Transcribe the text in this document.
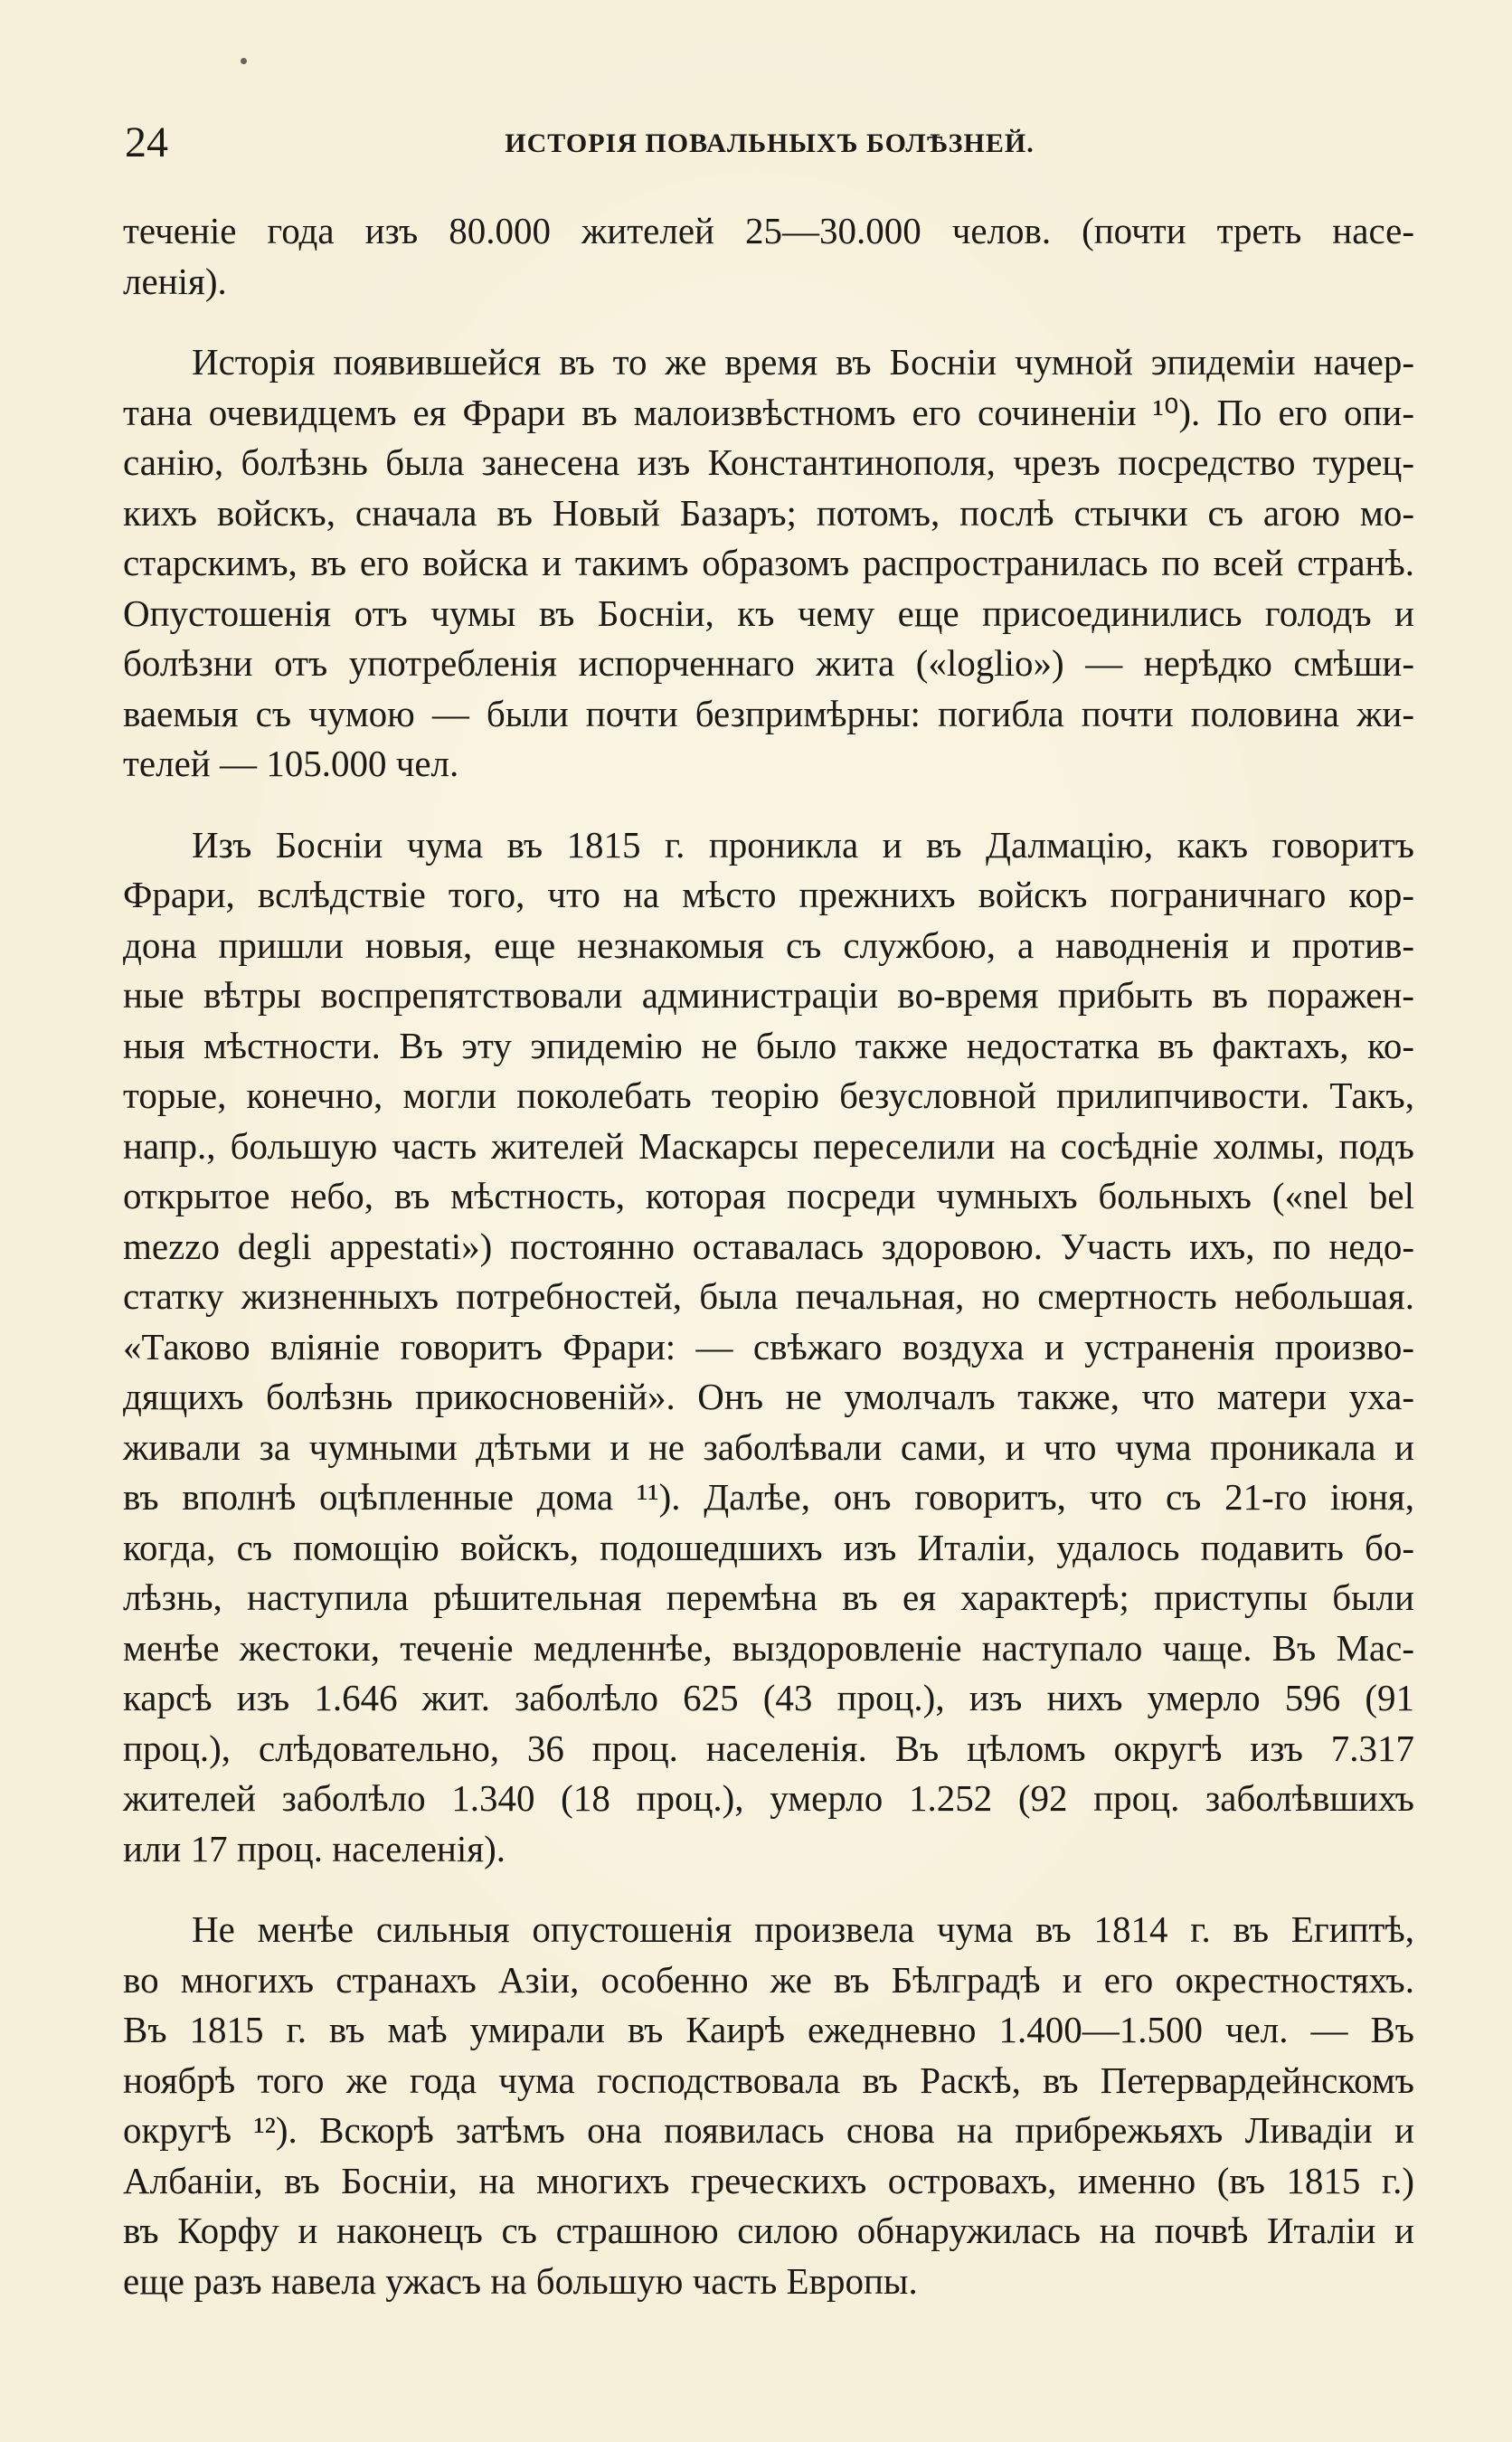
24	ИСТОРІЯ ПОВАЛЬНЫХЪ БОЛѢЗНЕЙ.

теченіе года изъ 80.000 жителей 25—30.000 челов. (почти треть насе-
ленія).

Исторія появившейся въ то же время въ Босніи чумной эпидеміи начер-
тана очевидцемъ ея Фрари въ малоизвѣстномъ его сочиненіи ¹⁰). По его опи-
санію, болѣзнь была занесена изъ Константинополя, чрезъ посредство турец-
кихъ войскъ, сначала въ Новый Базаръ; потомъ, послѣ стычки съ агою мо-
старскимъ, въ его войска и такимъ образомъ распространилась по всей странѣ.
Опустошенія отъ чумы въ Босніи, къ чему еще присоединились голодъ и
болѣзни отъ употребленія испорченнаго жита («loglio») — нерѣдко смѣши-
ваемыя съ чумою — были почти безпримѣрны: погибла почти половина жи-
телей — 105.000 чел.

Изъ Босніи чума въ 1815 г. проникла и въ Далмацію, какъ говоритъ
Фрари, вслѣдствіе того, что на мѣсто прежнихъ войскъ пограничнаго кор-
дона пришли новыя, еще незнакомыя съ службою, а наводненія и против-
ные вѣтры воспрепятствовали администраціи во-время прибыть въ поражен-
ныя мѣстности. Въ эту эпидемію не было также недостатка въ фактахъ, ко-
торые, конечно, могли поколебать теорію безусловной прилипчивости. Такъ,
напр., большую часть жителей Маскарсы переселили на сосѣдніе холмы, подъ
открытое небо, въ мѣстность, которая посреди чумныхъ больныхъ («nel bel
mezzo degli appestati») постоянно оставалась здоровою. Участь ихъ, по недо-
статку жизненныхъ потребностей, была печальная, но смертность небольшая.
«Таково вліяніе говоритъ Фрари: — свѣжаго воздуха и устраненія произво-
дящихъ болѣзнь прикосновеній». Онъ не умолчалъ также, что матери уха-
живали за чумными дѣтьми и не заболѣвали сами, и что чума проникала и
въ вполнѣ оцѣпленные дома ¹¹). Далѣе, онъ говоритъ, что съ 21-го іюня,
когда, съ помощію войскъ, подошедшихъ изъ Италіи, удалось подавить бо-
лѣзнь, наступила рѣшительная перемѣна въ ея характерѣ; приступы были
менѣе жестоки, теченіе медленнѣе, выздоровленіе наступало чаще. Въ Мас-
карсѣ изъ 1.646 жит. заболѣло 625 (43 проц.), изъ нихъ умерло 596 (91
проц.), слѣдовательно, 36 проц. населенія. Въ цѣломъ округѣ изъ 7.317
жителей заболѣло 1.340 (18 проц.), умерло 1.252 (92 проц. заболѣвшихъ
или 17 проц. населенія).

Не менѣе сильныя опустошенія произвела чума въ 1814 г. въ Египтѣ,
во многихъ странахъ Азіи, особенно же въ Бѣлградѣ и его окрестностяхъ.
Въ 1815 г. въ маѣ умирали въ Каирѣ ежедневно 1.400—1.500 чел. — Въ
ноябрѣ того же года чума господствовала въ Раскѣ, въ Петервардейнскомъ
округѣ ¹²). Вскорѣ затѣмъ она появилась снова на прибрежьяхъ Ливадіи и
Албаніи, въ Босніи, на многихъ греческихъ островахъ, именно (въ 1815 г.)
въ Корфу и наконецъ съ страшною силою обнаружилась на почвѣ Италіи и
еще разъ навела ужасъ на большую часть Европы.
